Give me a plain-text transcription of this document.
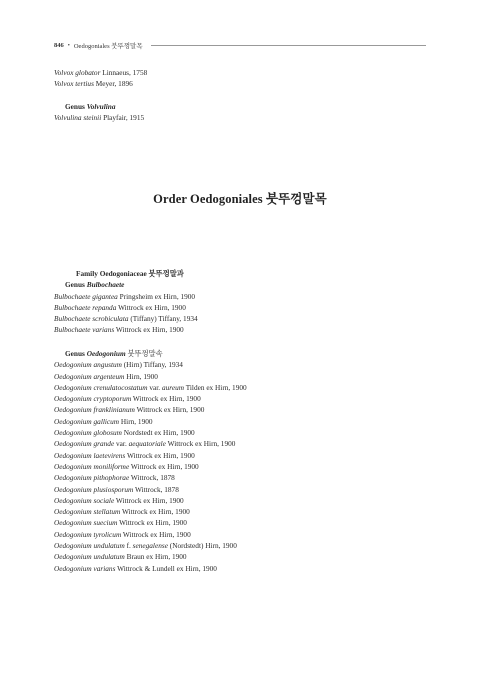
846 • Oedogoniales 붓뚜껑말목
Volvox globator Linnaeus, 1758
Volvox tertius Meyer, 1896
Genus Volvulina
Volvulina steinii Playfair, 1915
Order Oedogoniales 붓뚜껑말목
Family Oedogoniaceae 붓뚜껑말과
Genus Bulbochaete
Bulbochaete gigantea Pringsheim ex Hirn, 1900
Bulbochaete repanda Wittrock ex Hirn, 1900
Bulbochaete scrobiculata (Tiffany) Tiffany, 1934
Bulbochaete varians Wittrock ex Hirn, 1900
Genus Oedogonium 붓뚜껑말속
Oedogonium angustum (Hirn) Tiffany, 1934
Oedogonium argenteum Hirn, 1900
Oedogonium crenulatocostatum var. aureum Tilden ex Hirn, 1900
Oedogonium cryptoporum Wittrock ex Hirn, 1900
Oedogonium franklinianum Wittrock ex Hirn, 1900
Oedogonium gallicum Hirn, 1900
Oedogonium globosum Nordstedt ex Hirn, 1900
Oedogonium grande var. aequatoriale Wittrock ex Hirn, 1900
Oedogonium laetevirens Wittrock ex Hirn, 1900
Oedogonium moniliforme Wittrock ex Hirn, 1900
Oedogonium pithophorae Wittrock, 1878
Oedogonium plusiosporum Wittrock, 1878
Oedogonium sociale Wittrock ex Hirn, 1900
Oedogonium stellatum Wittrock ex Hirn, 1900
Oedogonium suecium Wittrock ex Hirn, 1900
Oedogonium tyrolicum Wittrock ex Hirn, 1900
Oedogonium undulatum f. senegalense (Nordstedt) Hirn, 1900
Oedogonium undulatum Braun ex Hirn, 1900
Oedogonium varians Wittrock & Lundell ex Hirn, 1900
